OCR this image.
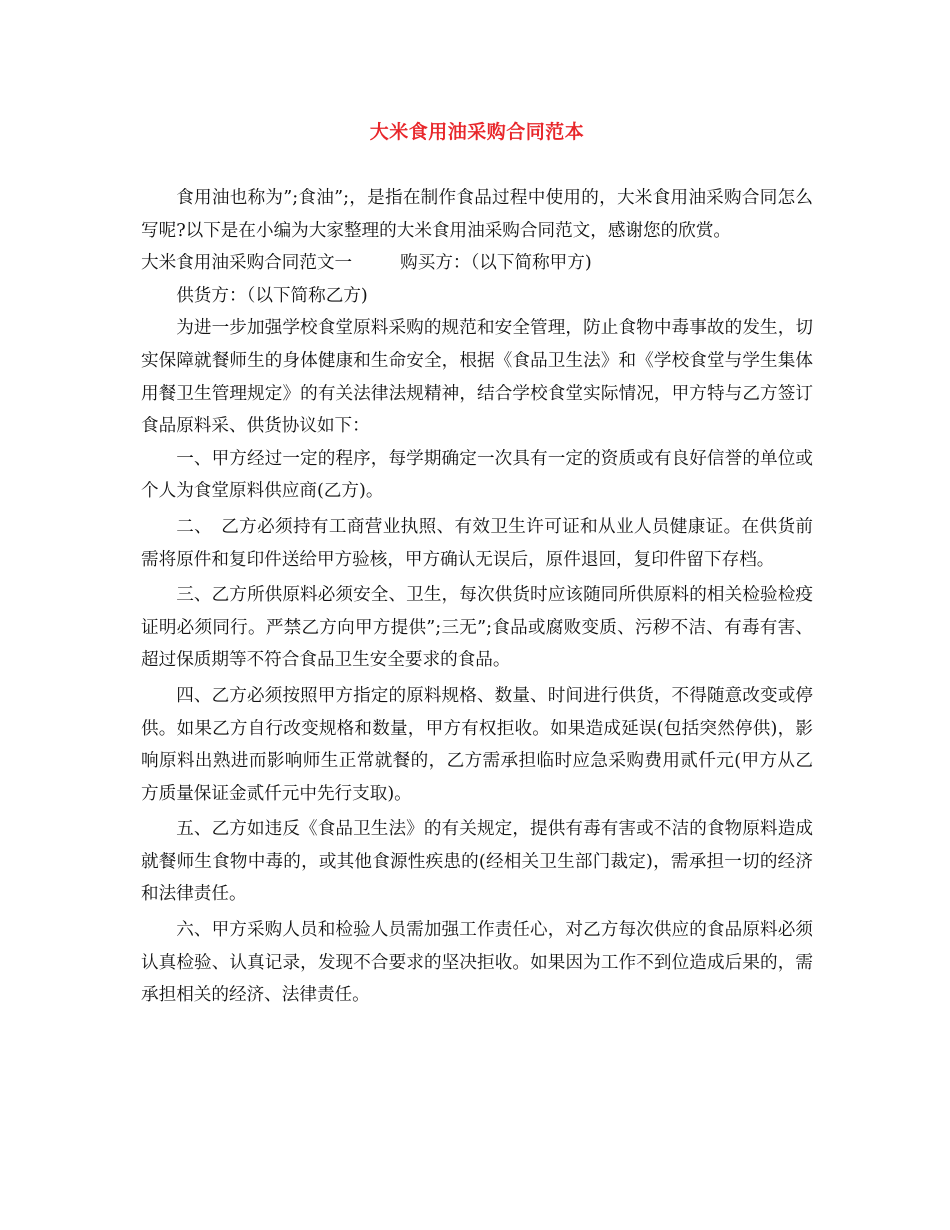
大米食用油采购合同范本

食用油也称为”;食油”;，是指在制作食品过程中使用的，大米食用油采购合同怎么写呢?以下是在小编为大家整理的大米食用油采购合同范文，感谢您的欣赏。

大米食用油采购合同范文一	购买方：（以下简称甲方)

供货方：（以下简称乙方)

为进一步加强学校食堂原料采购的规范和安全管理，防止食物中毒事故的发生，切实保障就餐师生的身体健康和生命安全，根据《食品卫生法》和《学校食堂与学生集体用餐卫生管理规定》的有关法律法规精神，结合学校食堂实际情况，甲方特与乙方签订食品原料采、供货协议如下：

一、甲方经过一定的程序，每学期确定一次具有一定的资质或有良好信誉的单位或个人为食堂原料供应商(乙方)。

二、　乙方必须持有工商营业执照、有效卫生许可证和从业人员健康证。在供货前需将原件和复印件送给甲方验核，甲方确认无误后，原件退回，复印件留下存档。

三、乙方所供原料必须安全、卫生，每次供货时应该随同所供原料的相关检验检疫证明必须同行。严禁乙方向甲方提供”;三无”;食品或腐败变质、污秽不洁、有毒有害、超过保质期等不符合食品卫生安全要求的食品。

四、乙方必须按照甲方指定的原料规格、数量、时间进行供货，不得随意改变或停供。如果乙方自行改变规格和数量，甲方有权拒收。如果造成延误(包括突然停供)，影响原料出熟进而影响师生正常就餐的，乙方需承担临时应急采购费用贰仟元(甲方从乙方质量保证金贰仟元中先行支取)。

五、乙方如违反《食品卫生法》的有关规定，提供有毒有害或不洁的食物原料造成就餐师生食物中毒的，或其他食源性疾患的(经相关卫生部门裁定)，需承担一切的经济和法律责任。

六、甲方采购人员和检验人员需加强工作责任心，对乙方每次供应的食品原料必须认真检验、认真记录，发现不合要求的坚决拒收。如果因为工作不到位造成后果的，需承担相关的经济、法律责任。
